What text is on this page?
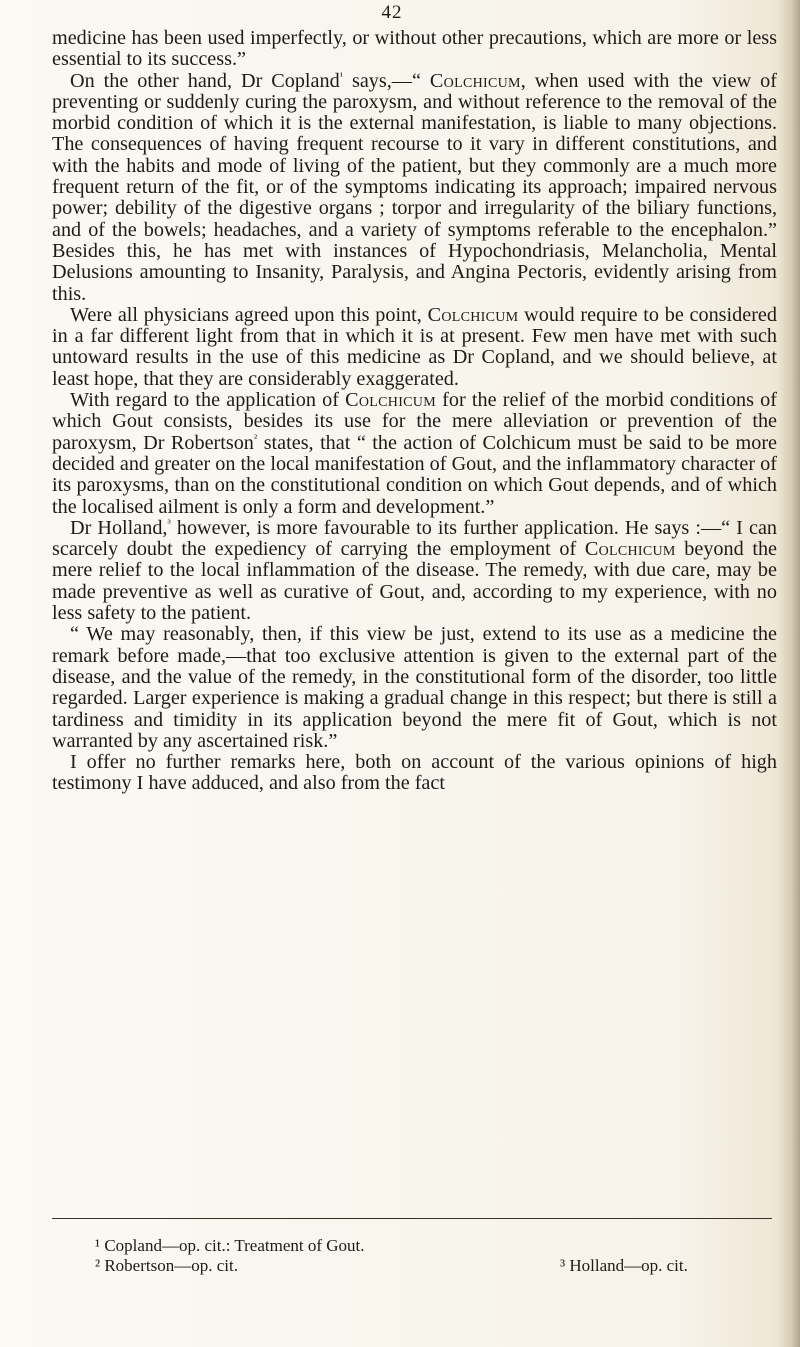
42

medicine has been used imperfectly, or without other precautions, which are more or less essential to its success.”

On the other hand, Dr Copland$^{^1}$ says,—“ Colchicum, when used with the view of preventing or suddenly curing the paroxysm, and without reference to the removal of the morbid condition of which it is the external manifestation, is liable to many objections. The consequences of having frequent recourse to it vary in different constitutions, and with the habits and mode of living of the patient, but they commonly are a much more frequent return of the fit, or of the symptoms indicating its approach; impaired nervous power; debility of the digestive organs ; torpor and irregularity of the biliary functions, and of the bowels; headaches, and a variety of symptoms referable to the encephalon.” Besides this, he has met with instances of Hypochondriasis, Melancholia, Mental Delusions amounting to Insanity, Paralysis, and Angina Pectoris, evidently arising from this.

Were all physicians agreed upon this point, Colchicum would require to be considered in a far different light from that in which it is at present. Few men have met with such untoward results in the use of this medicine as Dr Copland, and we should believe, at least hope, that they are considerably exaggerated.

With regard to the application of Colchicum for the relief of the morbid conditions of which Gout consists, besides its use for the mere alleviation or prevention of the paroxysm, Dr Robertson$^{^2}$ states, that “ the action of Colchicum must be said to be more decided and greater on the local manifestation of Gout, and the inflammatory character of its paroxysms, than on the constitutional condition on which Gout depends, and of which the localised ailment is only a form and development.”

Dr Holland,$^{^3}$ however, is more favourable to its further application. He says :—“ I can scarcely doubt the expediency of carrying the employment of Colchicum beyond the mere relief to the local inflammation of the disease. The remedy, with due care, may be made preventive as well as curative of Gout, and, according to my experience, with no less safety to the patient.

“ We may reasonably, then, if this view be just, extend to its use as a medicine the remark before made,—that too exclusive attention is given to the external part of the disease, and the value of the remedy, in the constitutional form of the disorder, too little regarded. Larger experience is making a gradual change in this respect; but there is still a tardiness and timidity in its application beyond the mere fit of Gout, which is not warranted by any ascertained risk.”

I offer no further remarks here, both on account of the various opinions of high testimony I have adduced, and also from the fact

¹ Copland—op. cit.: Treatment of Gout.
² Robertson—op. cit.	³ Holland—op. cit.
